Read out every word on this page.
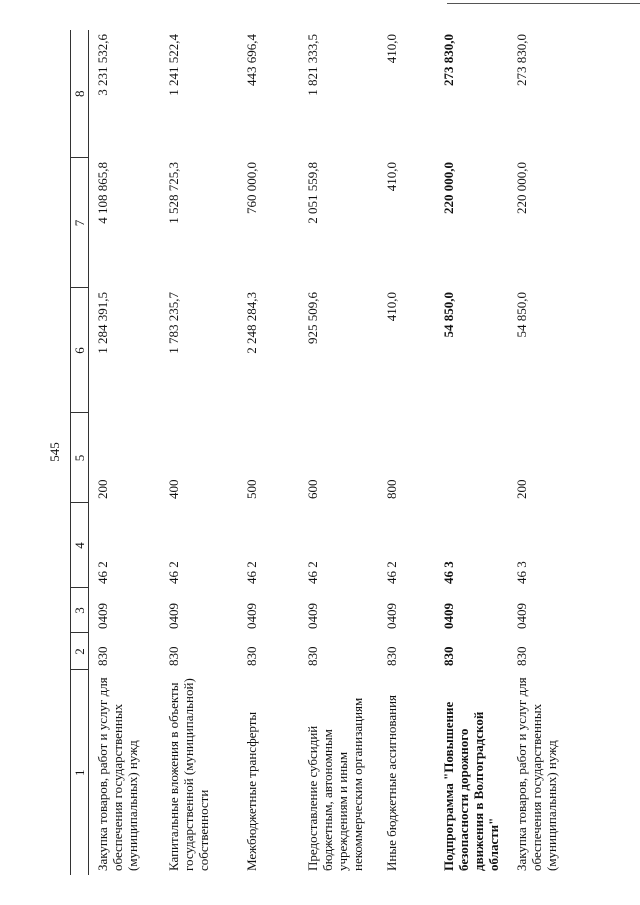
545
1	2	3	4	5	6	7	8
Закупка товаров, работ и услуг для обеспечения государственных (муниципальных) нужд	830	0409	46 2	200	1 284 391,5	4 108 865,8	3 231 532,6
Капитальные вложения в объекты государственной (муниципальной) собственности	830	0409	46 2	400	1 783 235,7	1 528 725,3	1 241 522,4
Межбюджетные трансферты	830	0409	46 2	500	2 248 284,3	760 000,0	443 696,4
Предоставление субсидий бюджетным, автономным учреждениям и иным некоммерческим организациям	830	0409	46 2	600	925 509,6	2 051 559,8	1 821 333,5
Иные бюджетные ассигнования	830	0409	46 2	800	410,0	410,0	410,0
Подпрограмма "Повышение безопасности дорожного движения в Волгоградской области"	830	0409	46 3		54 850,0	220 000,0	273 830,0
Закупка товаров, работ и услуг для обеспечения государственных (муниципальных) нужд	830	0409	46 3	200	54 850,0	220 000,0	273 830,0
